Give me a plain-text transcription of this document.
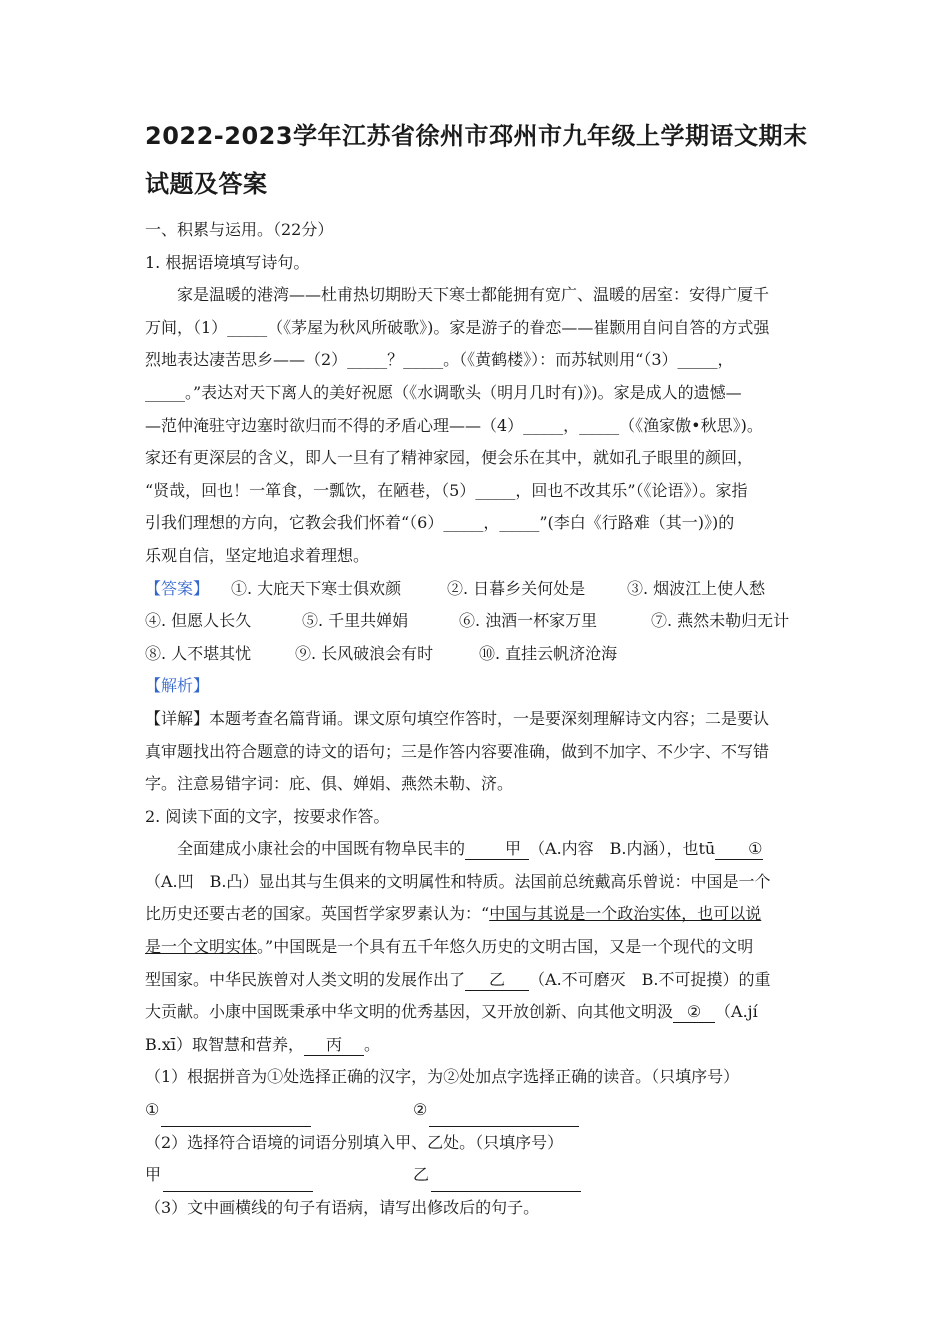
2022-2023学年江苏省徐州市邳州市九年级上学期语文期末
试题及答案
一、积累与运用。（22分）
1. 根据语境填写诗句。
家是温暖的港湾——杜甫热切期盼天下寒士都能拥有宽广、温暖的居室：安得广厦千
万间，（1）_____（《茅屋为秋风所破歌》)。家是游子的眷恋——崔颢用自问自答的方式强
烈地表达凄苦思乡——（2）_____？_____。（《黄鹤楼》）：而苏轼则用“（3）_____，
_____。”表达对天下离人的美好祝愿（《水调歌头（明月几时有)》)。家是成人的遗憾—
—范仲淹驻守边塞时欲归而不得的矛盾心理——（4）_____，_____（《渔家傲•秋思》)。
家还有更深层的含义，即人一旦有了精神家园，便会乐在其中，就如孔子眼里的颜回，
“贤哉，回也！一箪食，一瓢饮，在陋巷，（5）_____，回也不改其乐”（《论语》）。家指
引我们理想的方向，它教会我们怀着“（6）_____，_____”(李白《行路难（其一)》)的
乐观自信，坚定地追求着理想。
【答案】	①. 大庇天下寒士俱欢颜	②. 日暮乡关何处是	③. 烟波江上使人愁
④. 但愿人长久	⑤. 千里共婵娟	⑥. 浊酒一杯家万里	⑦. 燕然未勒归无计
⑧. 人不堪其忧	⑨. 长风破浪会有时	⑩. 直挂云帆济沧海
【解析】
【详解】本题考查名篇背诵。课文原句填空作答时，一是要深刻理解诗文内容；二是要认
真审题找出符合题意的诗文的语句；三是作答内容要准确，做到不加字、不少字、不写错
字。注意易错字词：庇、俱、婵娟、燕然未勒、济。
2. 阅读下面的文字，按要求作答。
全面建成小康社会的中国既有物阜民丰的 甲 （A.内容　B.内涵），也tū ①
（A.凹　B.凸）显出其与生俱来的文明属性和特质。法国前总统戴高乐曾说：中国是一个
比历史还要古老的国家。英国哲学家罗素认为：“中国与其说是一个政治实体，也可以说
是一个文明实体。”中国既是一个具有五千年悠久历史的文明古国，又是一个现代的文明
型国家。中华民族曾对人类文明的发展作出了 乙 （A.不可磨灭　B.不可捉摸）的重
大贡献。小康中国既秉承中华文明的优秀基因，又开放创新、向其他文明汲 ② （A.jí
B.xī）取智慧和营养， 丙 。
（1）根据拼音为①处选择正确的汉字，为②处加点字选择正确的读音。（只填序号）
①	②
（2）选择符合语境的词语分别填入甲、乙处。（只填序号）
甲	乙
（3）文中画横线的句子有语病，请写出修改后的句子。
